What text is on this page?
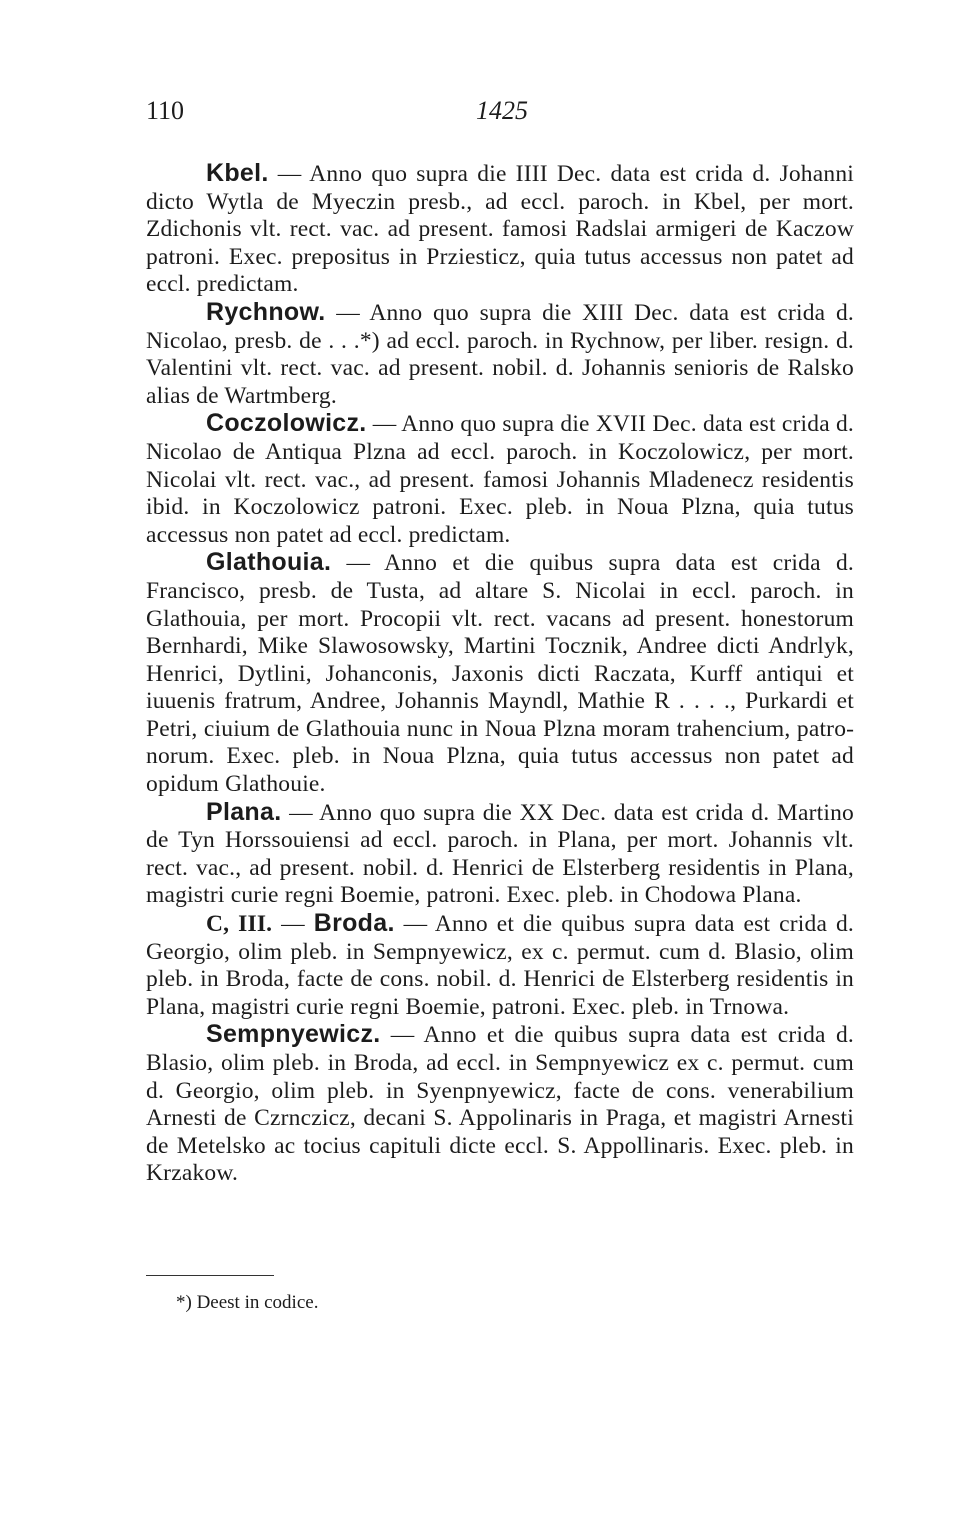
110	1425

Kbel. — Anno quo supra die IIII Dec. data est crida d. Johanni dicto Wytla de Myeczin presb., ad eccl. paroch. in Kbel, per mort. Zdichonis vlt. rect. vac. ad present. famosi Radslai armigeri de Kaczow patroni. Exec. prepositus in Prziesticz, quia tutus accessus non patet ad eccl. predictam.

Rychnow. — Anno quo supra die XIII Dec. data est crida d. Nicolao, presb. de . . .*) ad eccl. paroch. in Rychnow, per liber. resign. d. Valentini vlt. rect. vac. ad present. nobil. d. Johannis senioris de Ralsko alias de Wartmberg.

Coczolowicz. — Anno quo supra die XVII Dec. data est crida d. Nicolao de Antiqua Plzna ad eccl. paroch. in Koczolowicz, per mort. Nicolai vlt. rect. vac., ad present. famosi Johannis Mladenecz residentis ibid. in Koczolowicz patroni. Exec. pleb. in Noua Plzna, quia tutus accessus non patet ad eccl. predictam.

Glathouia. — Anno et die quibus supra data est crida d. Francisco, presb. de Tusta, ad altare S. Nicolai in eccl. paroch. in Glathouia, per mort. Procopii vlt. rect. vacans ad present. honestorum Bernhardi, Mike Slawosowsky, Martini Tocznik, Andree dicti Andrlyk, Henrici, Dytlini, Johanconis, Jaxonis dicti Raczata, Kurff antiqui et iuuenis fratrum, Andree, Johannis Mayndl, Mathie R . . . ., Purkardi et Petri, ciuium de Glathouia nunc in Noua Plzna moram trahencium, patronorum. Exec. pleb. in Noua Plzna, quia tutus accessus non patet ad opidum Glathouie.

Plana. — Anno quo supra die XX Dec. data est crida d. Martino de Tyn Horssouiensi ad eccl. paroch. in Plana, per mort. Johannis vlt. rect. vac., ad present. nobil. d. Henrici de Elsterberg residentis in Plana, magistri curie regni Boemie, patroni. Exec. pleb. in Chodowa Plana.

C, III. — Broda. — Anno et die quibus supra data est crida d. Georgio, olim pleb. in Sempnyewicz, ex c. permut. cum d. Blasio, olim pleb. in Broda, facte de cons. nobil. d. Henrici de Elsterberg residentis in Plana, magistri curie regni Boemie, patroni. Exec. pleb. in Trnowa.

Sempnyewicz. — Anno et die quibus supra data est crida d. Blasio, olim pleb. in Broda, ad eccl. in Sempnyewicz ex c. permut. cum d. Georgio, olim pleb. in Syenpnyewicz, facte de cons. venerabilium Arnesti de Czrnczicz, decani S. Appolinaris in Praga, et magistri Arnesti de Metelsko ac tocius capituli dicte eccl. S. Appollinaris. Exec. pleb. in Krzakow.

*) Deest in codice.
